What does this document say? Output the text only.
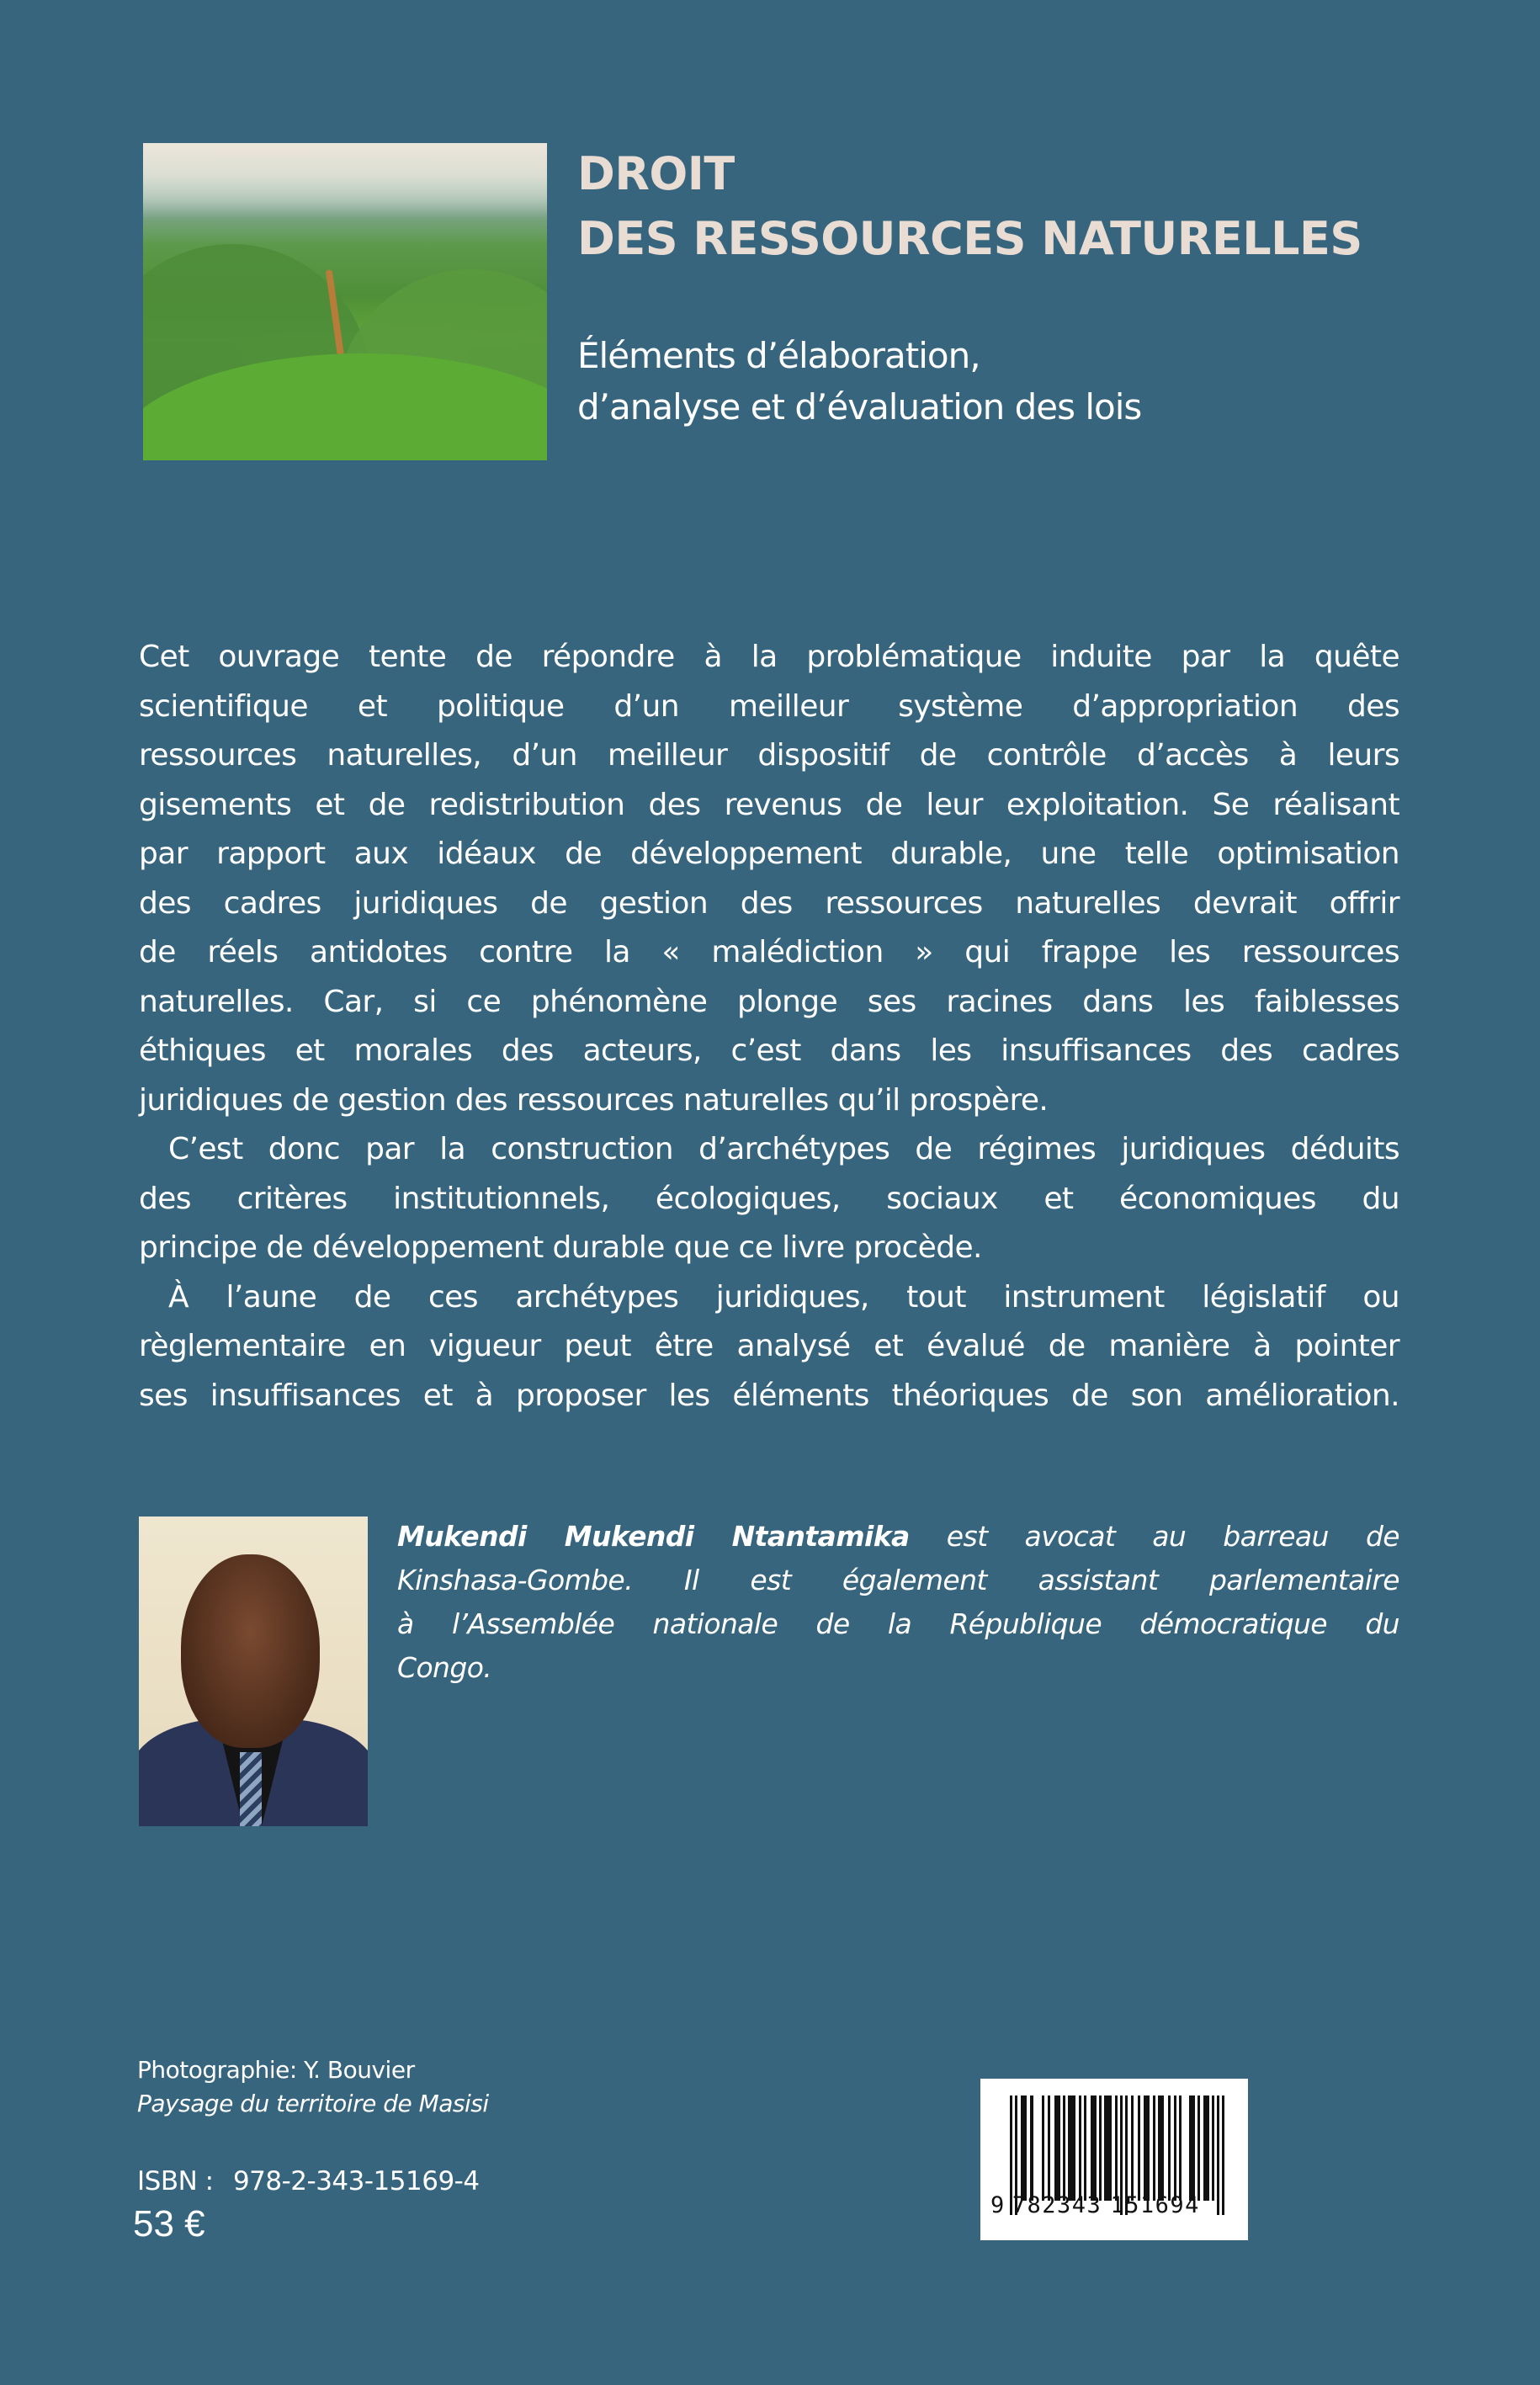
DROIT
DES RESSOURCES NATURELLES
Éléments d’élaboration,
d’analyse et d’évaluation des lois
Cet ouvrage tente de répondre à la problématique induite par la quête
scientifique et politique d’un meilleur système d’appropriation des
ressources naturelles, d’un meilleur dispositif de contrôle d’accès à leurs
gisements et de redistribution des revenus de leur exploitation. Se réalisant
par rapport aux idéaux de développement durable, une telle optimisation
des cadres juridiques de gestion des ressources naturelles devrait offrir
de réels antidotes contre la « malédiction » qui frappe les ressources
naturelles. Car, si ce phénomène plonge ses racines dans les faiblesses
éthiques et morales des acteurs, c’est dans les insuffisances des cadres
juridiques de gestion des ressources naturelles qu’il prospère.
C’est donc par la construction d’archétypes de régimes juridiques déduits
des critères institutionnels, écologiques, sociaux et économiques du
principe de développement durable que ce livre procède.
À l’aune de ces archétypes juridiques, tout instrument législatif ou
règlementaire en vigueur peut être analysé et évalué de manière à pointer
ses insuffisances et à proposer les éléments théoriques de son amélioration.
Mukendi Mukendi Ntantamika est avocat au barreau de
Kinshasa-Gombe. Il est également assistant parlementaire
à l’Assemblée nationale de la République démocratique du
Congo.
Photographie: Y. Bouvier
Paysage du territoire de Masisi
ISBN : 978-2-343-15169-4
53 €	9 782343 151694
